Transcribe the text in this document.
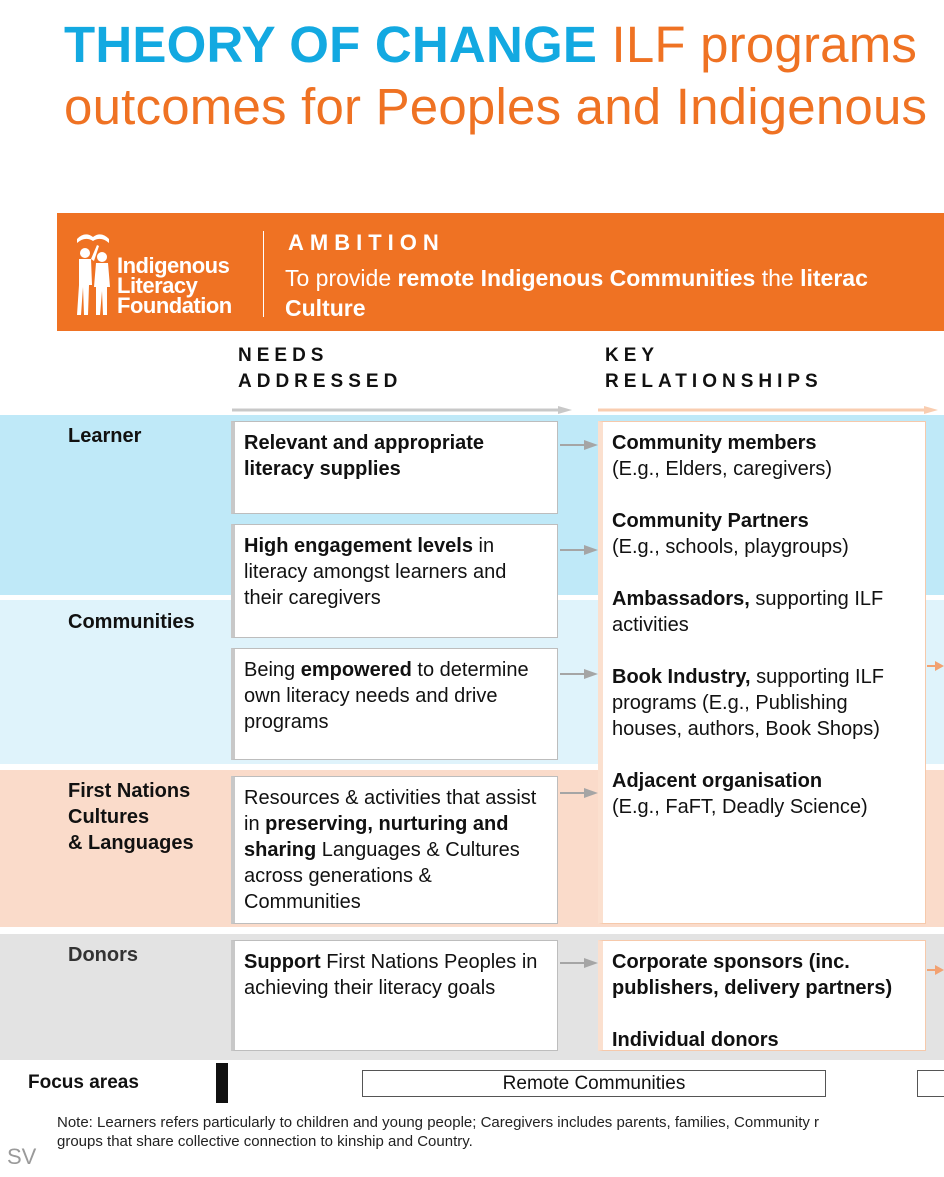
THEORY OF CHANGE ILF programs
outcomes for Peoples and Indigenous
Indigenous
Literacy
Foundation
AMBITION
To provide remote Indigenous Communities the literac
Culture
NEEDS
ADDRESSED
KEY
RELATIONSHIPS
Learner
Communities
First Nations
Cultures
& Languages
Donors
Relevant and appropriate literacy supplies
High engagement levels in literacy amongst learners and their caregivers
Being empowered to determine own literacy needs and drive programs
Resources & activities that assist in preserving, nurturing and sharing Languages & Cultures across generations & Communities
Support First Nations Peoples in achieving their literacy goals
Community members
(E.g., Elders, caregivers)
Community Partners
(E.g., schools, playgroups)
Ambassadors, supporting ILF activities
Book Industry, supporting ILF programs (E.g., Publishing houses, authors, Book Shops)
Adjacent organisation
(E.g., FaFT, Deadly Science)
Corporate sponsors (inc. publishers, delivery partners)
Individual donors
Focus areas	Remote Communities
Note: Learners refers particularly to children and young people; Caregivers includes parents, families, Community r
groups that share collective connection to kinship and Country.
SV
